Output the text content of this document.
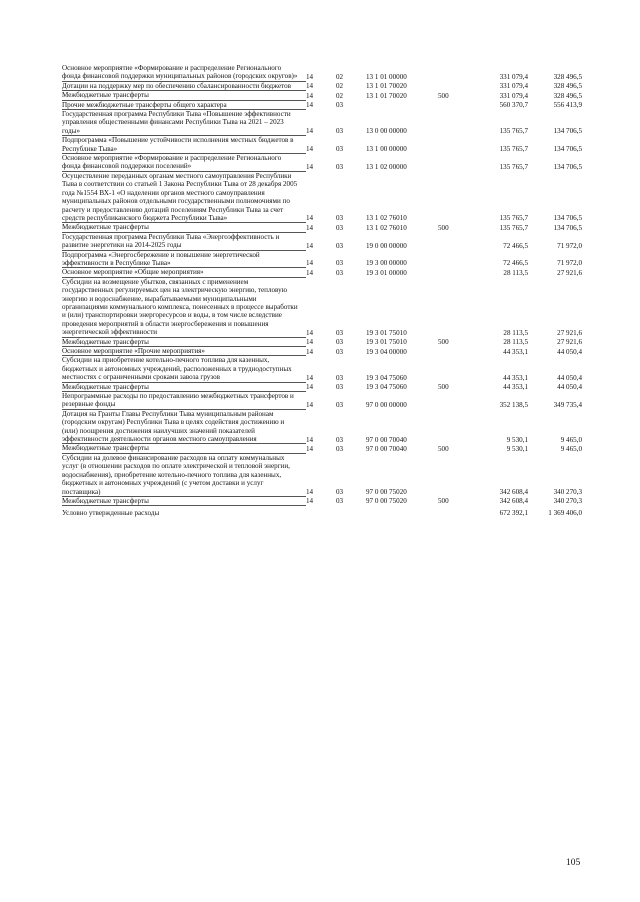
Основное мероприятие «Формирование и распределение Регионального фонда финансовой поддержки муниципальных районов (городских округов)»	14	02	13 1 01 00000		331 079,4	328 496,5
Дотации на поддержку мер по обеспечению сбалансированности бюджетов	14	02	13 1 01 70020		331 079,4	328 496,5
Межбюджетные трансферты	14	02	13 1 01 70020	500	331 079,4	328 496,5
Прочие межбюджетные трансферты общего характера	14	03			560 370,7	556 413,9
Государственная программа Республики Тыва «Повышение эффективности управления общественными финансами Республики Тыва на 2021 – 2023 годы»	14	03	13 0 00 00000		135 765,7	134 706,5
Подпрограмма «Повышение устойчивости исполнения местных бюджетов в Республике Тыва»	14	03	13 1 00 00000		135 765,7	134 706,5
Основное мероприятие «Формирование и распределение Регионального фонда финансовой поддержки поселений»	14	03	13 1 02 00000		135 765,7	134 706,5
Осуществление переданных органам местного самоуправления Республики Тыва в соответствии со статьей 1 Закона Республики Тыва от 28 декабря 2005 года №1554 ВХ-1 «О наделении органов местного самоуправления муниципальных районов отдельными государственными полномочиями по расчету и предоставлению дотаций поселениям Республики Тыва за счет средств республиканского бюджета Республики Тыва»	14	03	13 1 02 76010		135 765,7	134 706,5
Межбюджетные трансферты	14	03	13 1 02 76010	500	135 765,7	134 706,5
Государственная программа Республики Тыва «Энергоэффективность и развитие энергетики на 2014-2025 годы	14	03	19 0 00 00000		72 466,5	71 972,0
Подпрограмма «Энергосбережение и повышение энергетической эффективности в Республике Тыва»	14	03	19 3 00 00000		72 466,5	71 972,0
Основное мероприятие «Общие мероприятия»	14	03	19 3 01 00000		28 113,5	27 921,6
Субсидии на возмещение убытков, связанных с применением государственных регулируемых цен на электрическую энергию, тепловую энергию и водоснабжение, вырабатываемыми муниципальными организациями коммунального комплекса, понесенных в процессе выработки и (или) транспортировки энергоресурсов и воды, в том числе вследствие проведения мероприятий в области энергосбережения и повышения энергетической эффективности	14	03	19 3 01 75010		28 113,5	27 921,6
Межбюджетные трансферты	14	03	19 3 01 75010	500	28 113,5	27 921,6
Основное мероприятие «Прочие мероприятия»	14	03	19 3 04 00000		44 353,1	44 050,4
Субсидии на приобретение котельно-печного топлива для казенных, бюджетных и автономных учреждений, расположенных в труднодоступных местностях с ограниченными сроками завоза грузов	14	03	19 3 04 75060		44 353,1	44 050,4
Межбюджетные трансферты	14	03	19 3 04 75060	500	44 353,1	44 050,4
Непрограммные расходы по предоставлению межбюджетных трансфертов и резервные фонды	14	03	97 0 00 00000		352 138,5	349 735,4
Дотация на Гранты Главы Республики Тыва муниципальным районам (городским округам) Республики Тыва в целях содействия достижению и (или) поощрения достижения наилучших значений показателей эффективности деятельности органов местного самоуправления	14	03	97 0 00 70040		9 530,1	9 465,0
Межбюджетные трансферты	14	03	97 0 00 70040	500	9 530,1	9 465,0
Субсидии на долевое финансирование расходов на оплату коммунальных услуг (в отношении расходов по оплате электрической и тепловой энергии, водоснабжения), приобретение котельно-печного топлива для казенных, бюджетных и автономных учреждений (с учетом доставки и услуг поставщика)	14	03	97 0 00 75020		342 608,4	340 270,3
Межбюджетные трансферты	14	03	97 0 00 75020	500	342 608,4	340 270,3

Условно утвержденные расходы					672 392,1	1 369 406,0
105
